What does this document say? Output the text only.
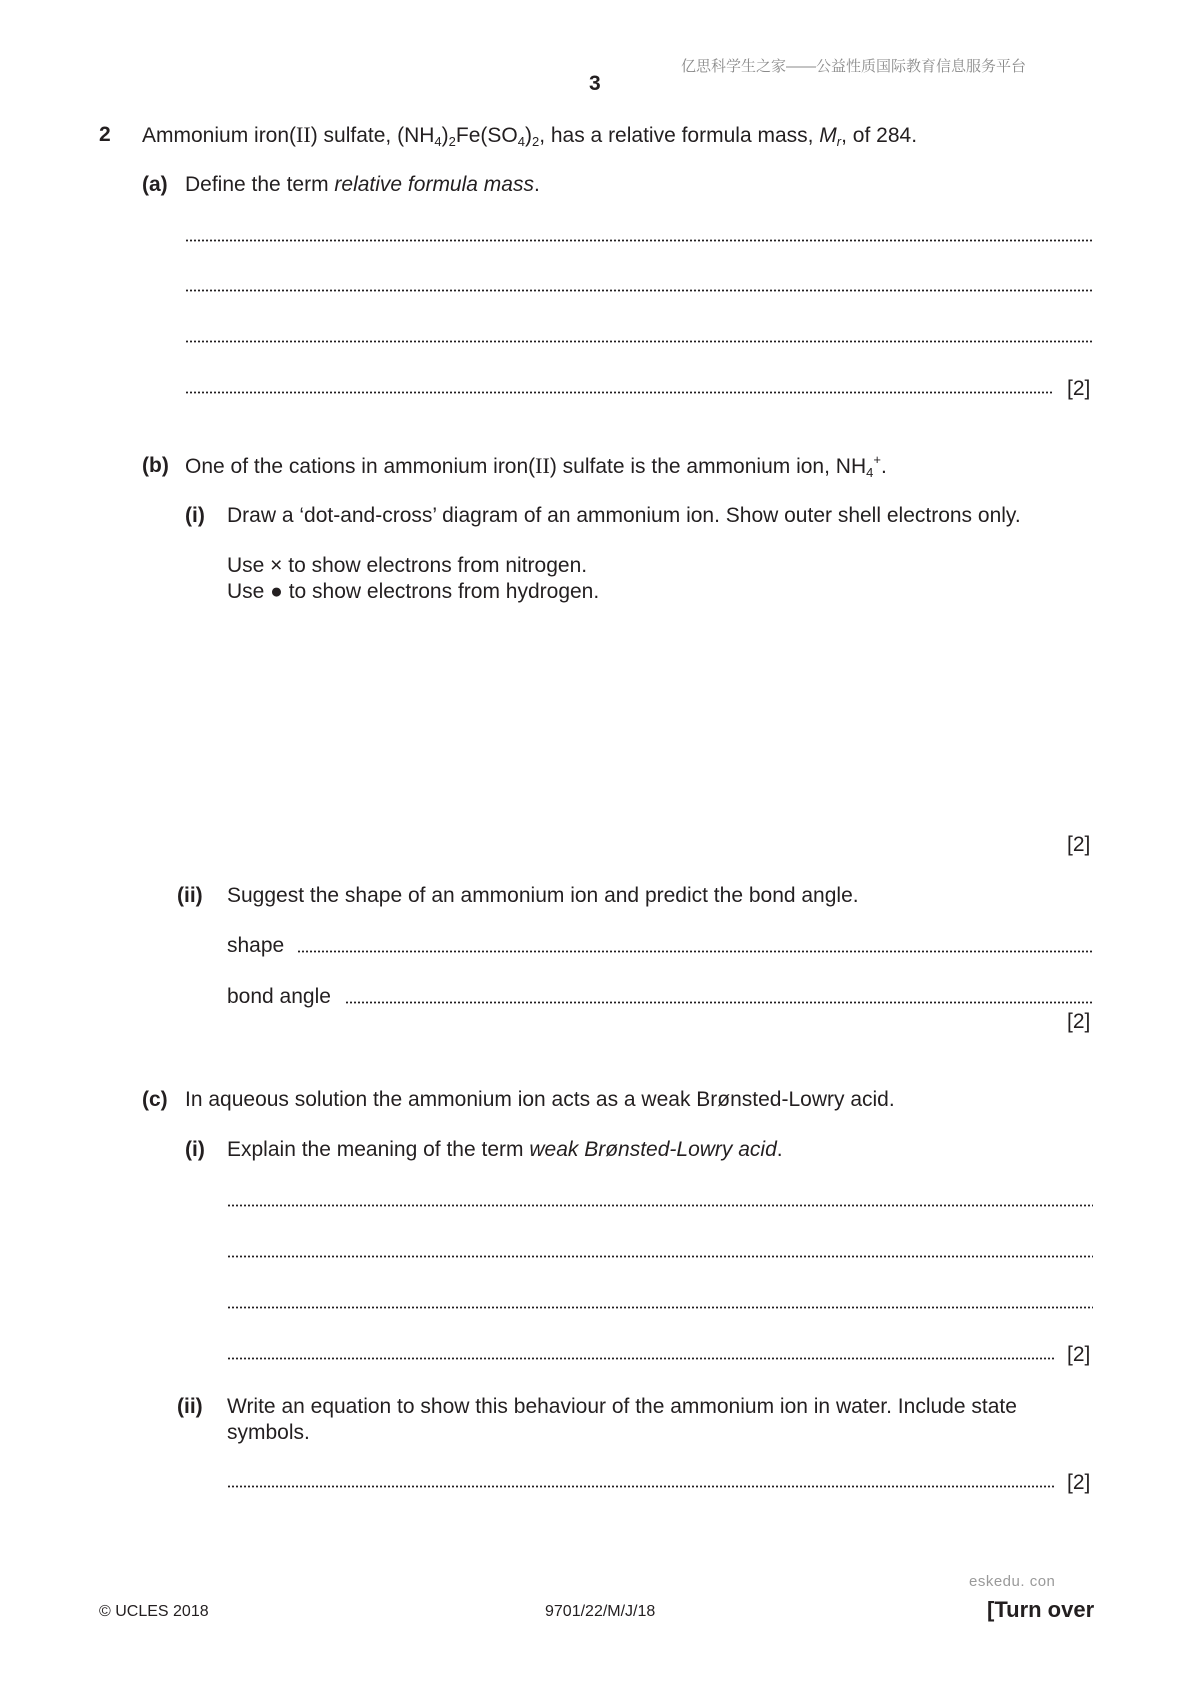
亿思科学生之家——公益性质国际教育信息服务平台
3
2 Ammonium iron(II) sulfate, $(NH_4)_2Fe(SO_4)_2$, has a relative formula mass, $M_r$, of 284.
(a) Define the term relative formula mass.
[2]
(b) One of the cations in ammonium iron(II) sulfate is the ammonium ion, $NH_4^+$.
(i) Draw a ‘dot-and-cross’ diagram of an ammonium ion. Show outer shell electrons only.
Use × to show electrons from nitrogen.
Use ● to show electrons from hydrogen.
[2]
(ii) Suggest the shape of an ammonium ion and predict the bond angle.
shape
bond angle
[2]
(c) In aqueous solution the ammonium ion acts as a weak Brønsted-Lowry acid.
(i) Explain the meaning of the term weak Brønsted-Lowry acid.
[2]
(ii) Write an equation to show this behaviour of the ammonium ion in water. Include state
symbols.
[2]
eskedu. con
© UCLES 2018	9701/22/M/J/18	[Turn over
